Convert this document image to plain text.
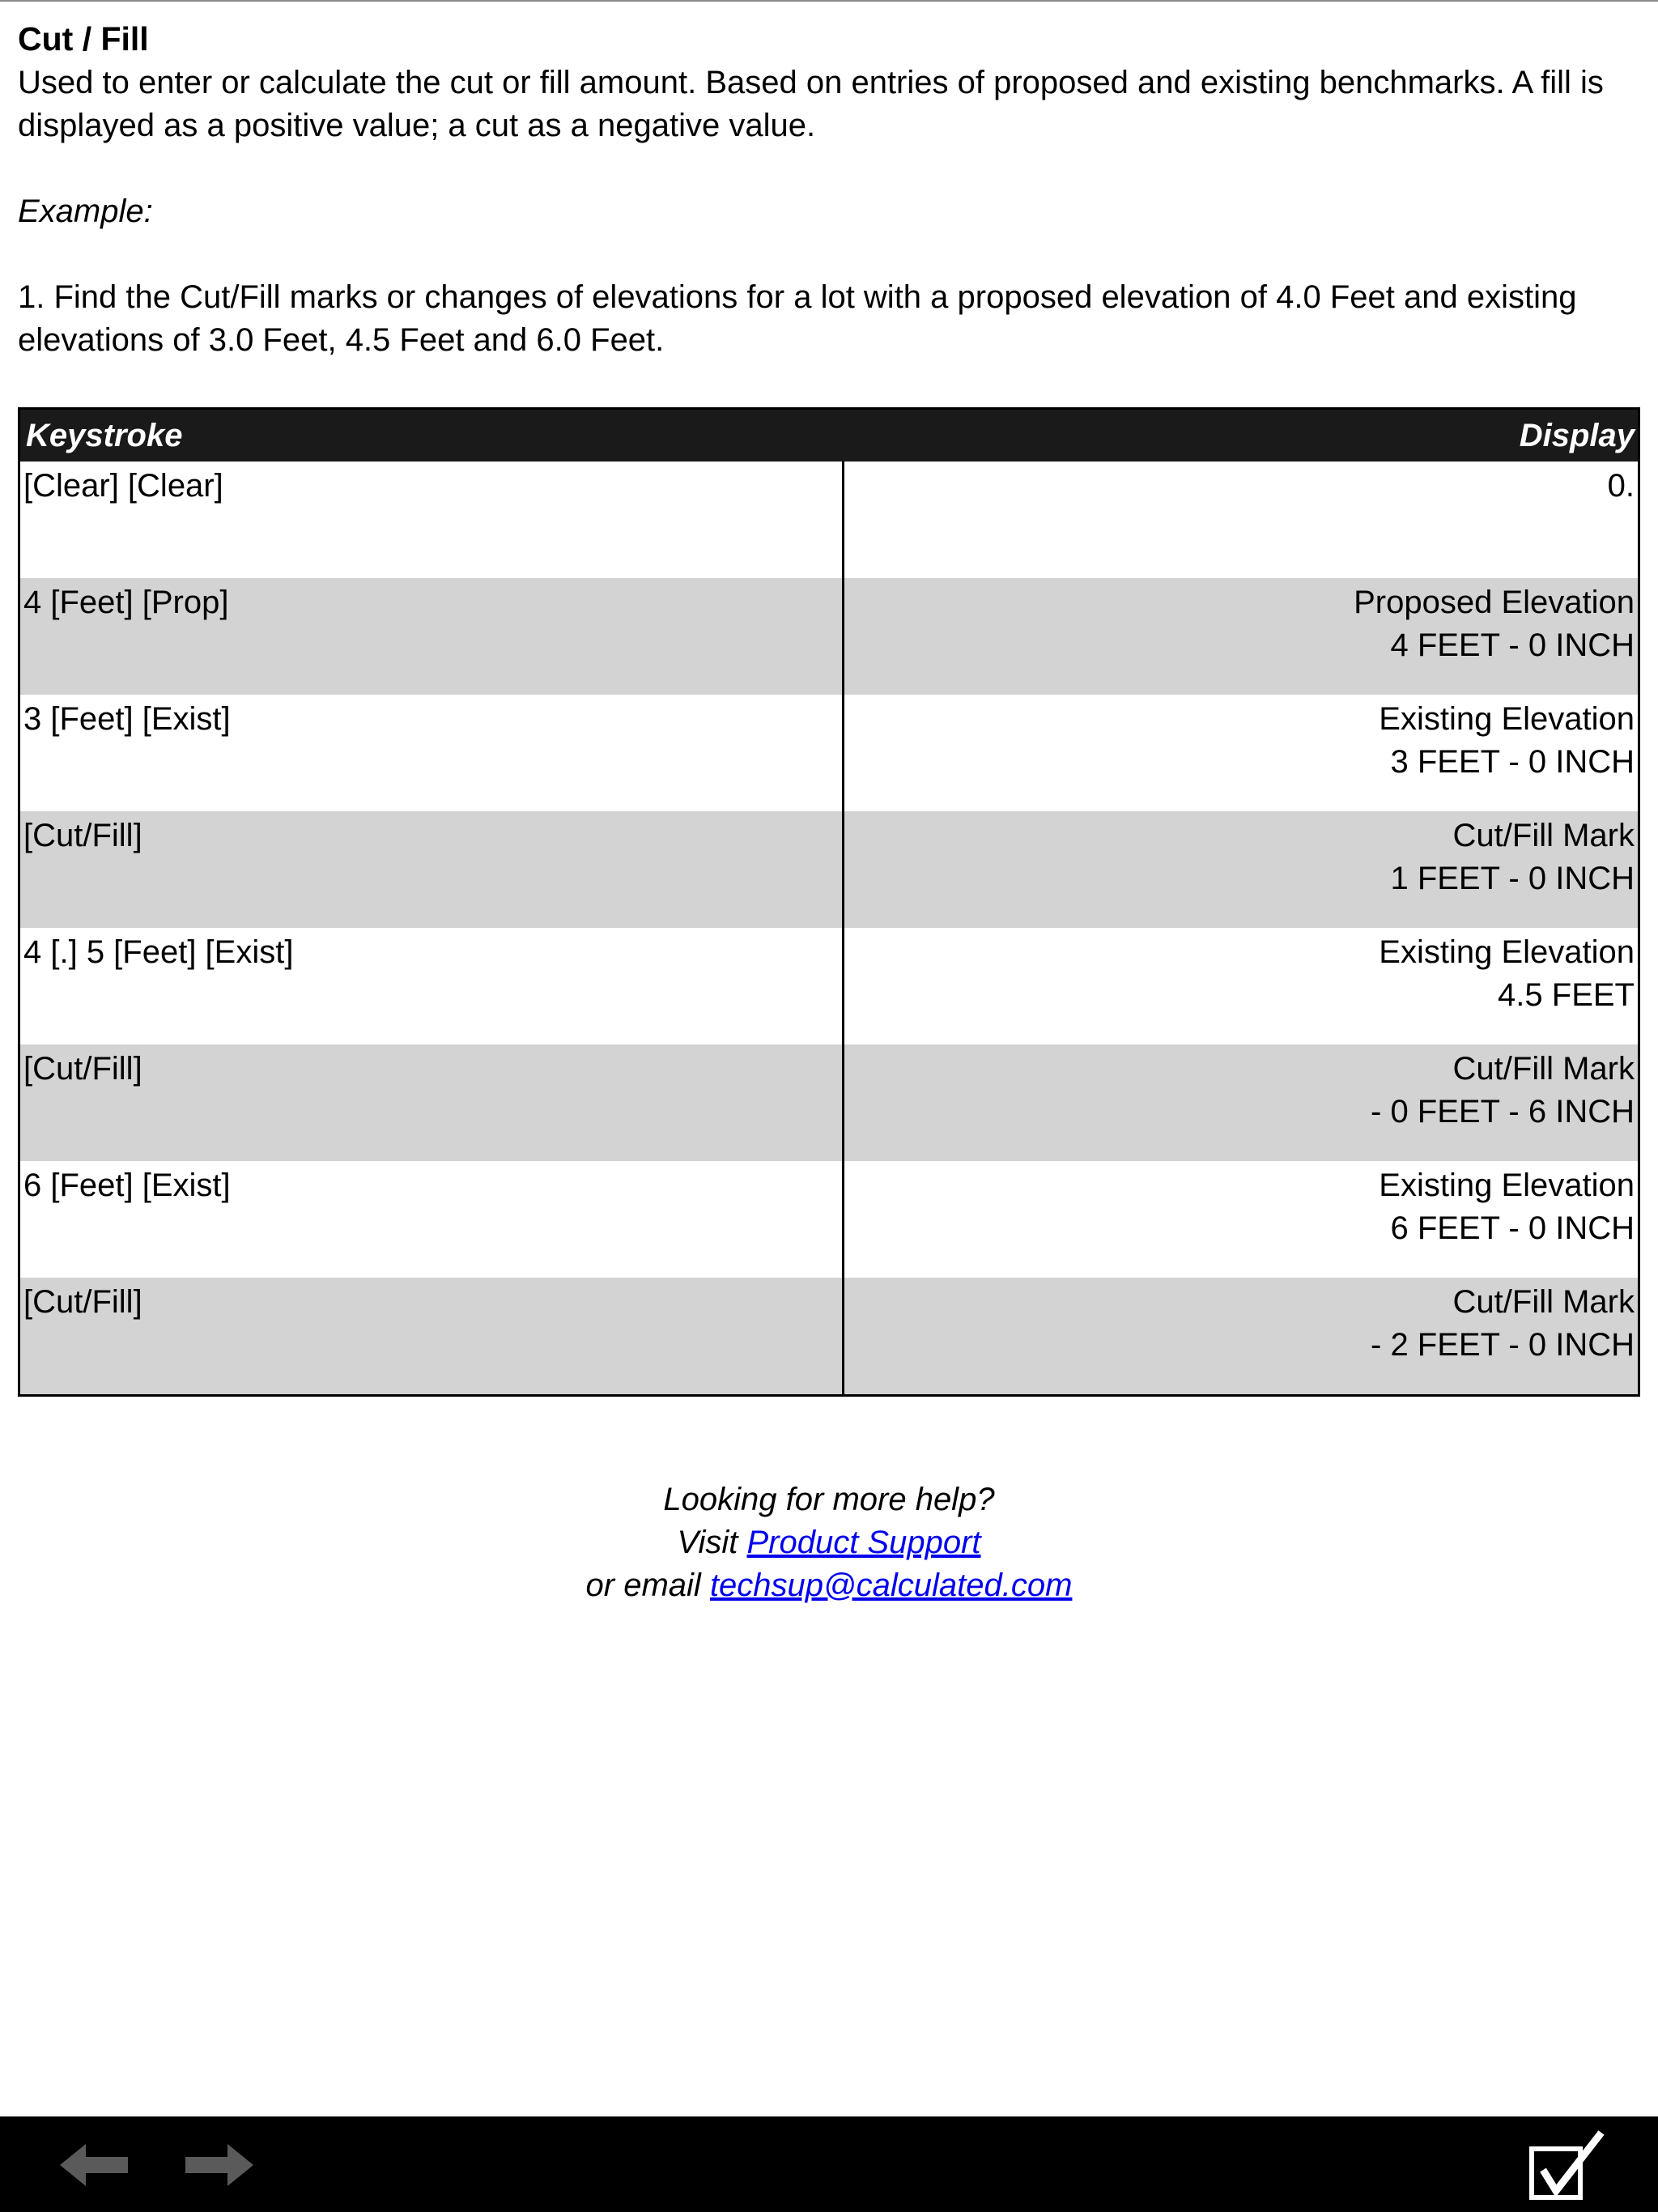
Cut / Fill

Used to enter or calculate the cut or fill amount. Based on entries of proposed and existing benchmarks. A fill is displayed as a positive value; a cut as a negative value.

Example:

1. Find the Cut/Fill marks or changes of elevations for a lot with a proposed elevation of 4.0 Feet and existing elevations of 3.0 Feet, 4.5 Feet and 6.0 Feet.

Keystroke	Display
[Clear] [Clear]	0.
4 [Feet] [Prop]	Proposed Elevation
4 FEET - 0 INCH
3 [Feet] [Exist]	Existing Elevation
3 FEET - 0 INCH
[Cut/Fill]	Cut/Fill Mark
1 FEET - 0 INCH
4 [.] 5 [Feet] [Exist]	Existing Elevation
4.5 FEET
[Cut/Fill]	Cut/Fill Mark
- 0 FEET - 6 INCH
6 [Feet] [Exist]	Existing Elevation
6 FEET - 0 INCH
[Cut/Fill]	Cut/Fill Mark
- 2 FEET - 0 INCH
Looking for more help?
Visit Product Support
or email techsup@calculated.com
